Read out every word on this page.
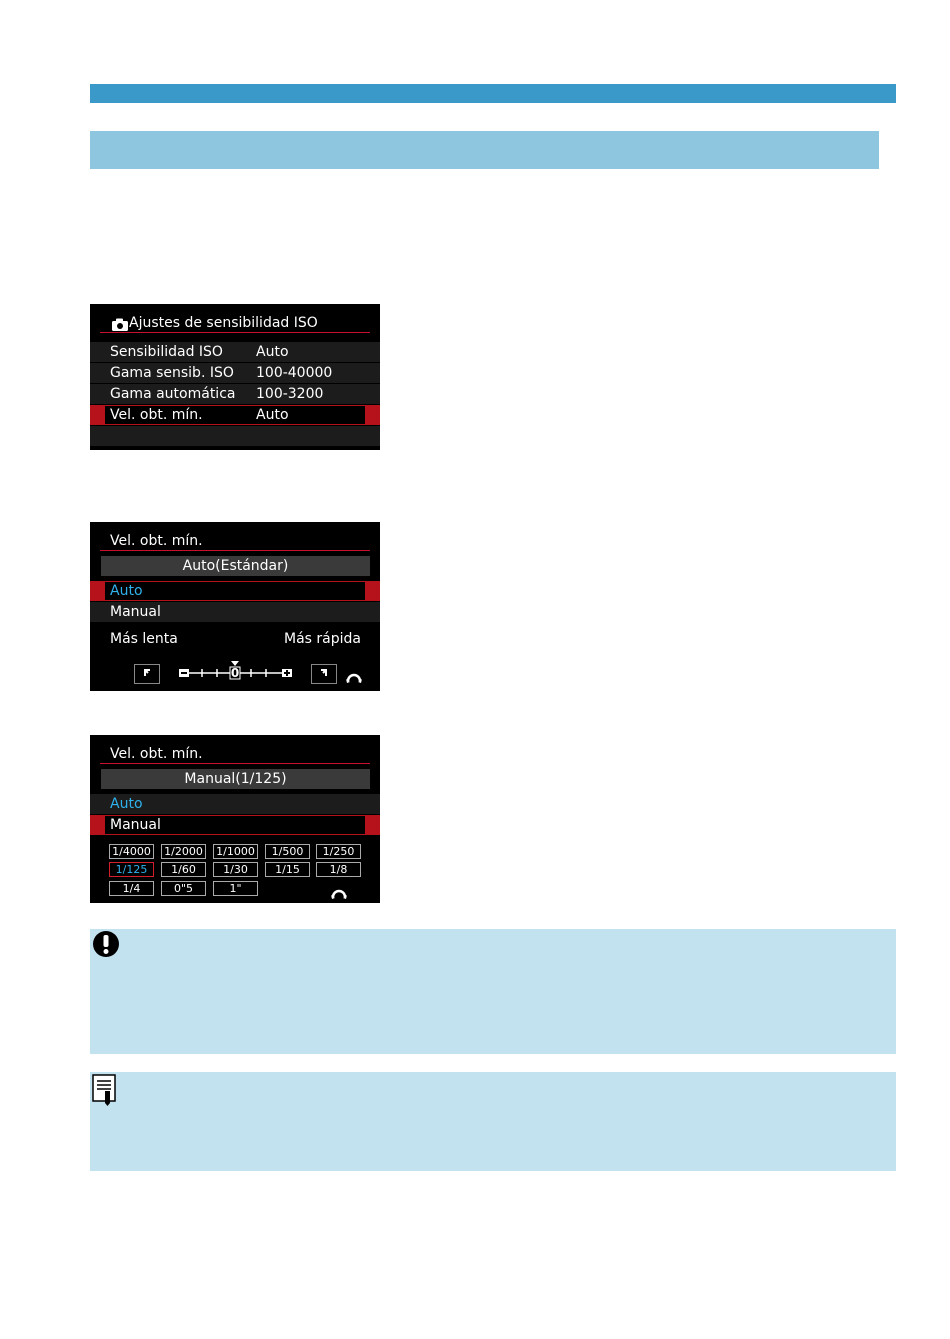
Ajustes de sensibilidad ISO
Sensibilidad ISO Auto
Gama sensib. ISO 100-40000
Gama automática 100-3200
Vel. obt. mín.	Auto
Vel. obt. mín.
Auto(Estándar)
Auto
Manual
Más lenta	Más rápida
0
Vel. obt. mín.
Manual(1/125)
Auto
Manual
1/4000 1/2000 1/1000	1/500	1/250
1/125	1/60	1/30	1/15	1/8
1/4	0"5	1"
